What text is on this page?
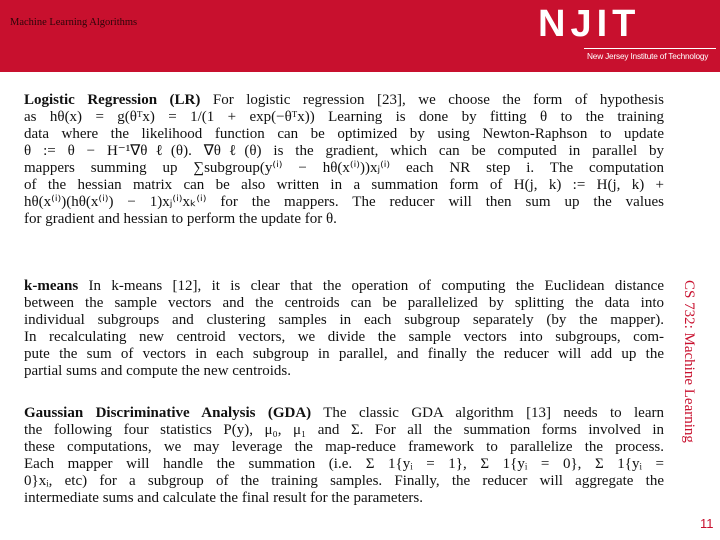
Machine Learning Algorithms	NJIT
New Jersey Institute of Technology
Logistic Regression (LR) For logistic regression [23], we choose the form of hypothesis
as hθ(x) = g(θᵀx) = 1/(1 + exp(−θᵀx)) Learning is done by fitting θ to the training
data where the likelihood function can be optimized by using Newton-Raphson to update
θ := θ − H⁻¹∇θℓ(θ). ∇θℓ(θ) is the gradient, which can be computed in parallel by
mappers summing up ∑subgroup(y⁽ⁱ⁾ − hθ(x⁽ⁱ⁾))xⱼ⁽ⁱ⁾ each NR step i. The computation
of the hessian matrix can be also written in a summation form of H(j, k) := H(j, k) +
hθ(x⁽ⁱ⁾)(hθ(x⁽ⁱ⁾) − 1)xⱼ⁽ⁱ⁾xₖ⁽ⁱ⁾ for the mappers. The reducer will then sum up the values
for gradient and hessian to perform the update for θ.
k-means In k-means [12], it is clear that the operation of computing the Euclidean distance
between the sample vectors and the centroids can be parallelized by splitting the data into
individual subgroups and clustering samples in each subgroup separately (by the mapper).
In recalculating new centroid vectors, we divide the sample vectors into subgroups, com-
pute the sum of vectors in each subgroup in parallel, and finally the reducer will add up the
partial sums and compute the new centroids.
Gaussian Discriminative Analysis (GDA) The classic GDA algorithm [13] needs to learn
the following four statistics P(y), μ₀, μ₁ and Σ. For all the summation forms involved in
these computations, we may leverage the map-reduce framework to parallelize the process.
Each mapper will handle the summation (i.e. Σ 1{yᵢ = 1}, Σ 1{yᵢ = 0}, Σ 1{yᵢ =
0}xᵢ, etc) for a subgroup of the training samples. Finally, the reducer will aggregate the
intermediate sums and calculate the final result for the parameters.
CS 732: Machine Learning
11
